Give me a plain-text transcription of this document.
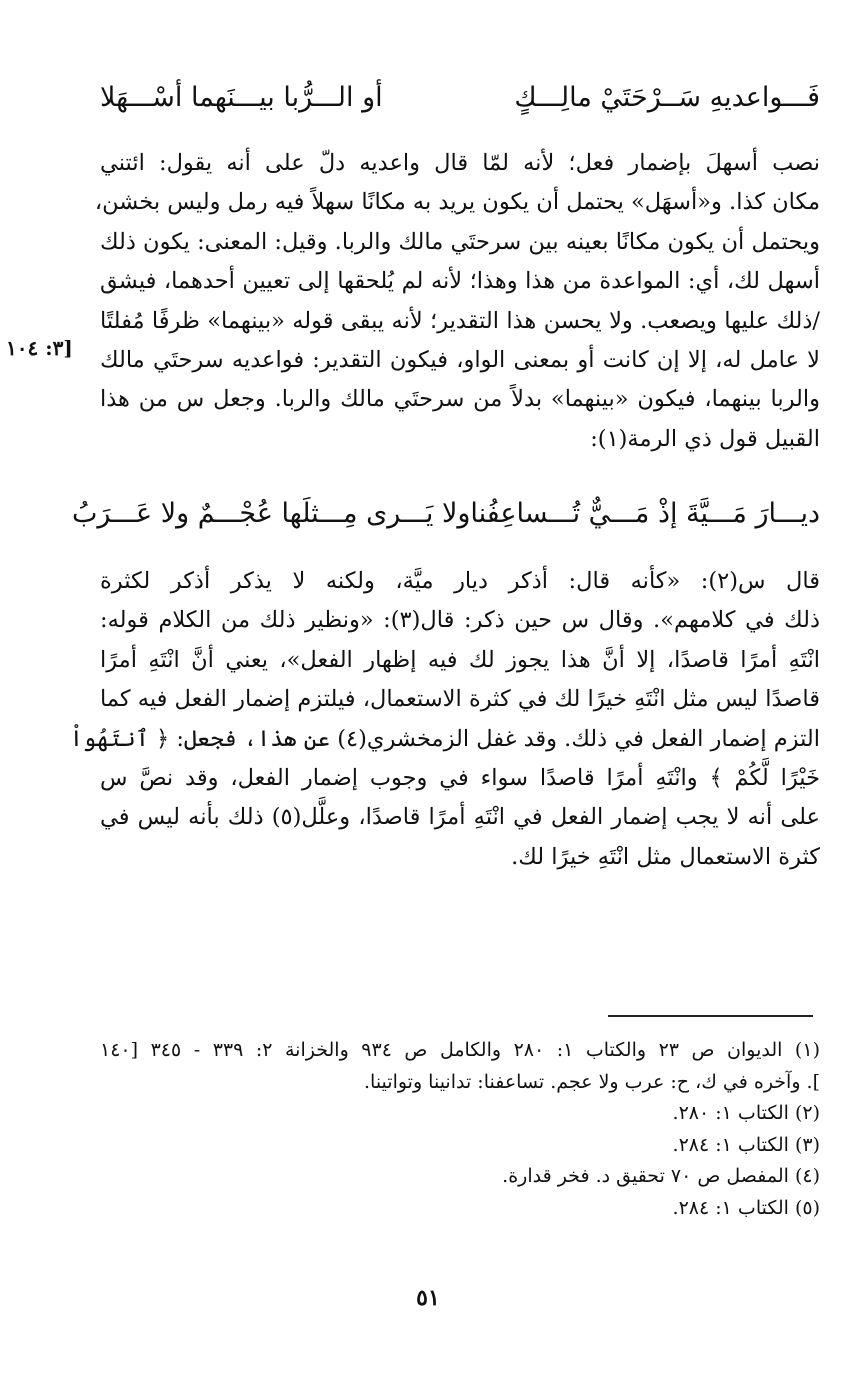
فَـــواعديهِ سَــرْحَتَيْ مالِـــكٍ
أو الـــرُّبا بيـــنَهما أسْـــهَلا

نصب أسهلَ بإضمار فعل؛ لأنه لمّا قال واعديه دلّ على أنه يقول: ائتني

مكان كذا. و«أسهَل» يحتمل أن يكون يريد به مكانًا سهلاً فيه رمل وليس بخشن،

ويحتمل أن يكون مكانًا بعينه بين سرحتَي مالك والربا. وقيل: المعنى: يكون ذلك

أسهل لك، أي: المواعدة من هذا وهذا؛ لأنه لم يُلحقها إلى تعيين أحدهما، فيشق

/ذلك عليها ويصعب. ولا يحسن هذا التقدير؛ لأنه يبقى قوله «بينهما» ظرفًا مُفلتًا

لا عامل له، إلا إن كانت أو بمعنى الواو، فيكون التقدير: فواعديه سرحتَي مالك

والربا بينهما، فيكون «بينهما» بدلاً من سرحتَي مالك والربا. وجعل س من هذا

القبيل قول ذي الرمة(١):

[٣: ١٠٤
ديـــارَ مَـــيَّةَ إذْ مَـــيٌّ تُـــساعِفُنا
ولا يَـــرى مِـــثلَها عُجْـــمٌ ولا عَـــرَبُ

قال س(٢): «كأنه قال: أذكر ديار ميَّة، ولكنه لا يذكر أذكر لكثرة

ذلك في كلامهم». وقال س حين ذكر: قال(٣): «ونظير ذلك من الكلام قوله:

انْتَهِ أمرًا قاصدًا، إلا أنَّ هذا يجوز لك فيه إظهار الفعل»، يعني أنَّ انْتَهِ أمرًا

قاصدًا ليس مثل انْتَهِ خيرًا لك في كثرة الاستعمال، فيلتزم إضمار الفعل فيه كما

التزم إضمار الفعل في ذلك. وقد غفل الزمخشري(٤) عن هذا، فجعل: ﴿ ٱنتَهُواْ

خَيْرًا لَّكُمْ ﴾ وانْتَهِ أمرًا قاصدًا سواء في وجوب إضمار الفعل، وقد نصَّ س

على أنه لا يجب إضمار الفعل في انْتَهِ أمرًا قاصدًا، وعلَّل(٥) ذلك بأنه ليس في

كثرة الاستعمال مثل انْتَهِ خيرًا لك.

(١) الديوان ص ٢٣ والكتاب ١: ٢٨٠ والكامل ص ٩٣٤ والخزانة ٢: ٣٣٩ - ٣٤٥ [١٤٠

]. وآخره في ك، ح: عرب ولا عجم. تساعفنا: تدانينا وتواتينا.

(٢) الكتاب ١: ٢٨٠.

(٣) الكتاب ١: ٢٨٤.

(٤) المفصل ص ٧٠ تحقيق د. فخر قدارة.

(٥) الكتاب ١: ٢٨٤.

٥١
